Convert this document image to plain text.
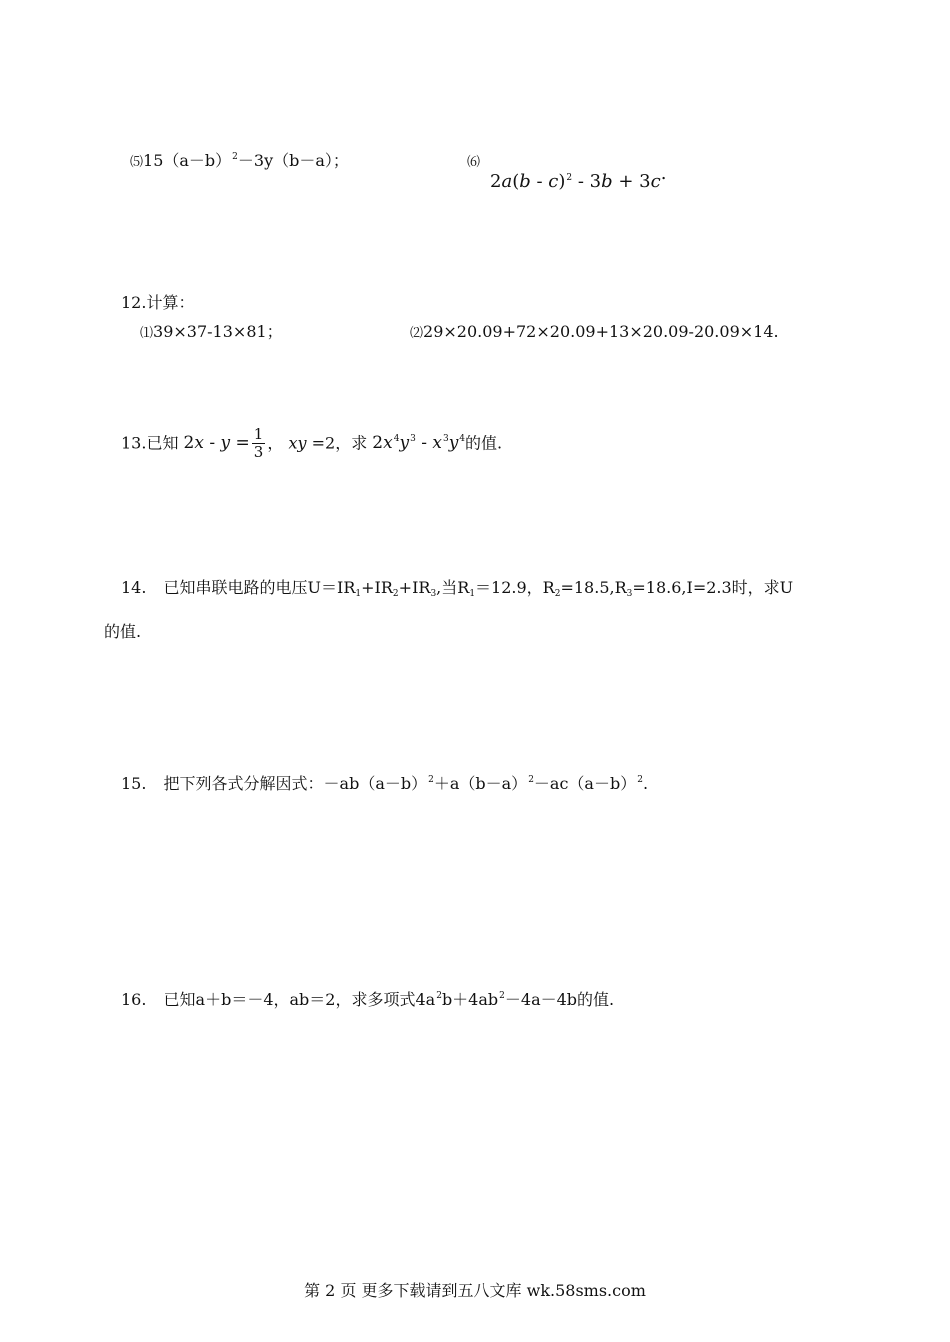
$⑸15(a-b)^2-3y(b-a)$；	⑹
2a(b - c)$^2$ - 3b + 3c.
12.计算：
⑴39×37-13×81；	⑵29×20.09+72×20.09+13×20.09-20.09×14.
13.已知 $2x - y = \frac{1}{3}$ ， xy =2，求 $2x^4y^3 - x^3y^4$的值.
14. 已知串联电路的电压$U=IR_1+IR_2+IR_3$,当$R_1=12.9$，$R_2=18.5,R_3=18.6,I=2.3$时，求U
的值.
15. 把下列各式分解因式：$-ab(a-b)^2+a(b-a)^2-ac(a-b)^2$.
16. 已知a＋b＝－4，ab＝2，求多项式$4a^2b+4ab^2-4a-4b$的值.
第 2 页 更多下载请到五八文库 wk.58sms.com
